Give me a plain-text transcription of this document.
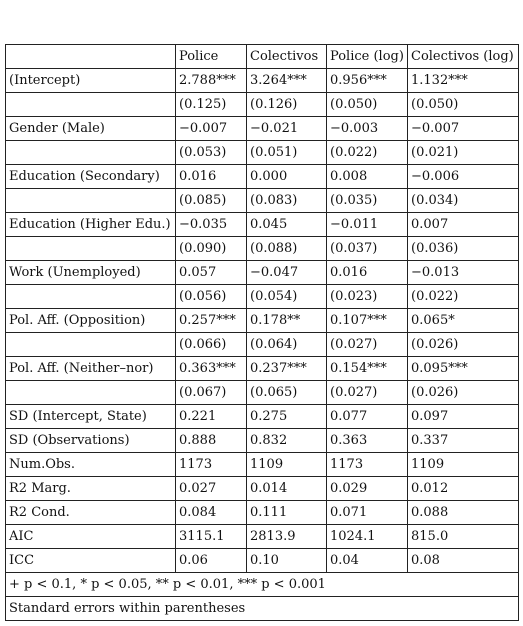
	Police	Colectivos	Police (log)	Colectivos (log)
(Intercept)	2.788***	3.264***	0.956***	1.132***
	(0.125)	(0.126)	(0.050)	(0.050)
Gender (Male)	−0.007	−0.021	−0.003	−0.007
	(0.053)	(0.051)	(0.022)	(0.021)
Education (Secondary)	0.016	0.000	0.008	−0.006
	(0.085)	(0.083)	(0.035)	(0.034)
Education (Higher Edu.)	−0.035	0.045	−0.011	0.007
	(0.090)	(0.088)	(0.037)	(0.036)
Work (Unemployed)	0.057	−0.047	0.016	−0.013
	(0.056)	(0.054)	(0.023)	(0.022)
Pol. Aff. (Opposition)	0.257***	0.178**	0.107***	0.065*
	(0.066)	(0.064)	(0.027)	(0.026)
Pol. Aff. (Neither–nor)	0.363***	0.237***	0.154***	0.095***
	(0.067)	(0.065)	(0.027)	(0.026)
SD (Intercept, State)	0.221	0.275	0.077	0.097
SD (Observations)	0.888	0.832	0.363	0.337
Num.Obs.	1173	1109	1173	1109
R2 Marg.	0.027	0.014	0.029	0.012
R2 Cond.	0.084	0.111	0.071	0.088
AIC	3115.1	2813.9	1024.1	815.0
ICC	0.06	0.10	0.04	0.08
+ p < 0.1, * p < 0.05, ** p < 0.01, *** p < 0.001				
Standard errors within parentheses				
